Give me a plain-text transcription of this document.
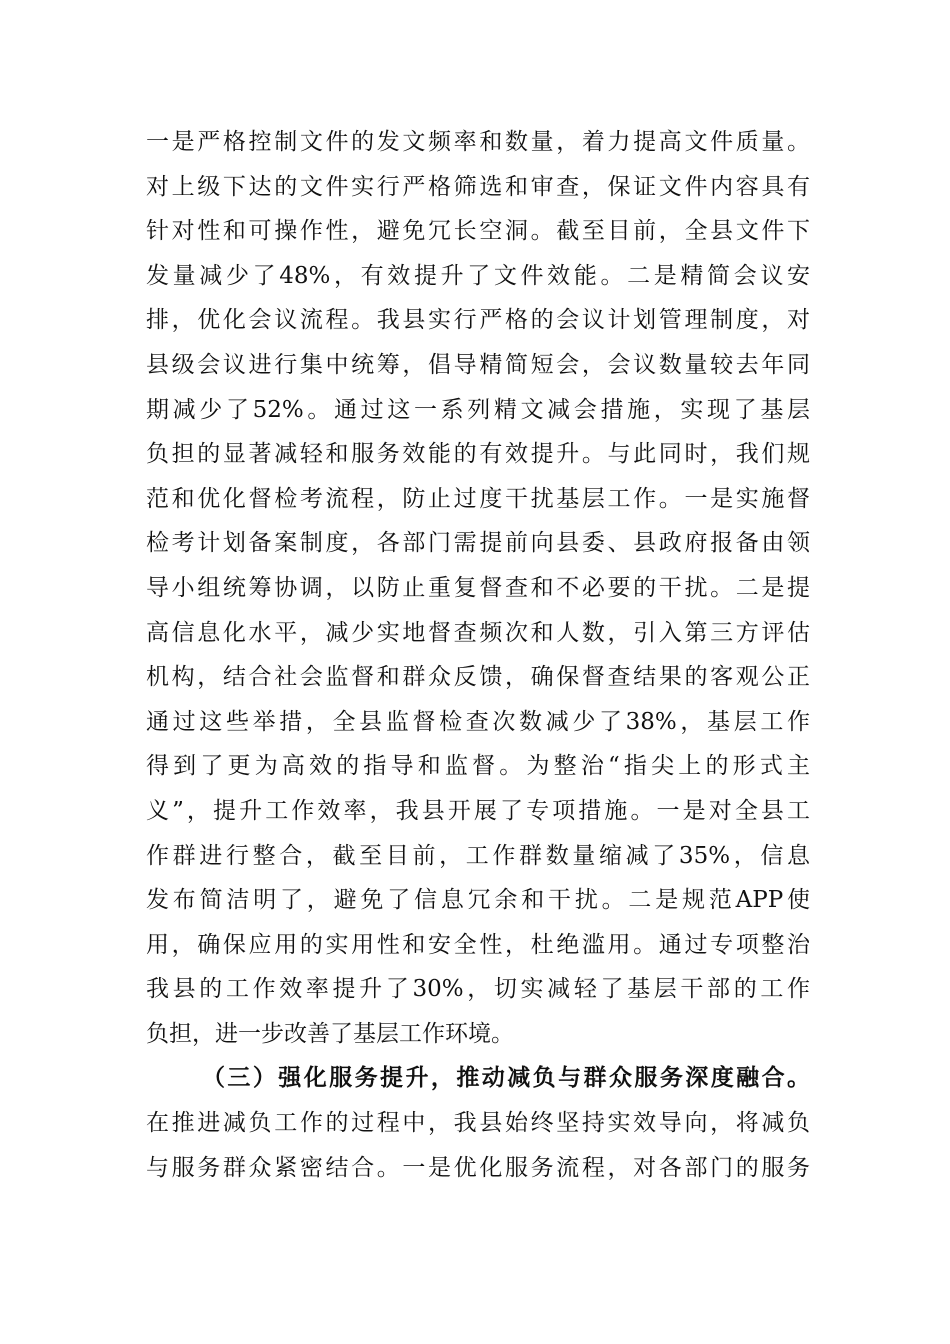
一是严格控制文件的发文频率和数量，着力提高文件质量。
对上级下达的文件实行严格筛选和审查，保证文件内容具有
针对性和可操作性，避免冗长空洞。截至目前，全县文件下
发量减少了48%，有效提升了文件效能。二是精简会议安
排，优化会议流程。我县实行严格的会议计划管理制度，对
县级会议进行集中统筹，倡导精简短会，会议数量较去年同
期减少了52%。通过这一系列精文减会措施，实现了基层
负担的显著减轻和服务效能的有效提升。与此同时，我们规
范和优化督检考流程，防止过度干扰基层工作。一是实施督
检考计划备案制度，各部门需提前向县委、县政府报备由领
导小组统筹协调，以防止重复督查和不必要的干扰。二是提
高信息化水平，减少实地督查频次和人数，引入第三方评估
机构，结合社会监督和群众反馈，确保督查结果的客观公正
通过这些举措，全县监督检查次数减少了38%，基层工作
得到了更为高效的指导和监督。为整治“指尖上的形式主
义”，提升工作效率，我县开展了专项措施。一是对全县工
作群进行整合，截至目前，工作群数量缩减了35%，信息
发布简洁明了，避免了信息冗余和干扰。二是规范APP使
用，确保应用的实用性和安全性，杜绝滥用。通过专项整治
我县的工作效率提升了30%，切实减轻了基层干部的工作
负担，进一步改善了基层工作环境。
（三）强化服务提升，推动减负与群众服务深度融合。
在推进减负工作的过程中，我县始终坚持实效导向，将减负
与服务群众紧密结合。一是优化服务流程，对各部门的服务
